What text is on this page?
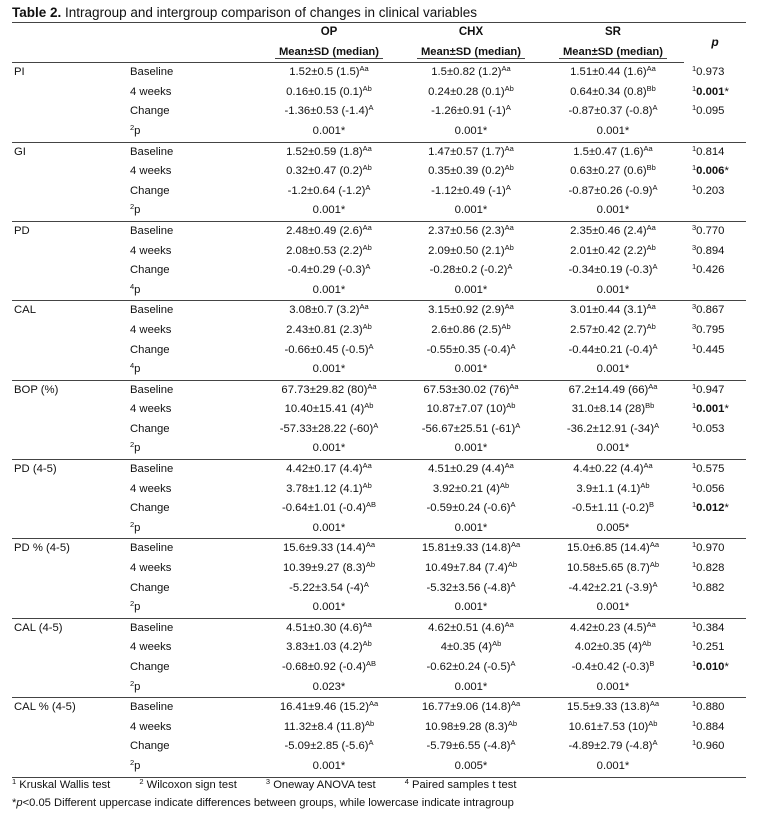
Table 2. Intragroup and intergroup comparison of changes in clinical variables
		OP	CHX	SR	p
		Mean±SD (median)	Mean±SD (median)	Mean±SD (median)	
PI	Baseline	1.52±0.5 $(1.5)^{Aa}$	1.5±0.82 $(1.2)^{Aa}$	1.51±0.44 $(1.6)^{Aa}$	$^1$0.973
	4 weeks	0.16±0.15 $(0.1)^{Ab}$	0.24±0.28 $(0.1)^{Ab}$	0.64±0.34 $(0.8)^{Bb}$	$^1$0.001*
	Change	-1.36±0.53 $(-1.4)^A$	-1.26±0.91 $(-1)^A$	-0.87±0.37 $(-0.8)^A$	$^1$0.095
	$^2$p	0.001*	0.001*	0.001*	
GI	Baseline	1.52±0.59 $(1.8)^{Aa}$	1.47±0.57 $(1.7)^{Aa}$	1.5±0.47 $(1.6)^{Aa}$	$^1$0.814
	4 weeks	0.32±0.47 $(0.2)^{Ab}$	0.35±0.39 $(0.2)^{Ab}$	0.63±0.27 $(0.6)^{Bb}$	$^1$0.006*
	Change	-1.2±0.64 $(-1.2)^A$	-1.12±0.49 $(-1)^A$	-0.87±0.26 $(-0.9)^A$	$^1$0.203
	$^2$p	0.001*	0.001*	0.001*	
PD	Baseline	2.48±0.49 $(2.6)^{Aa}$	2.37±0.56 $(2.3)^{Aa}$	2.35±0.46 $(2.4)^{Aa}$	$^3$0.770
	4 weeks	2.08±0.53 $(2.2)^{Ab}$	2.09±0.50 $(2.1)^{Ab}$	2.01±0.42 $(2.2)^{Ab}$	$^3$0.894
	Change	-0.4±0.29 $(-0.3)^A$	-0.28±0.2 $(-0.2)^A$	-0.34±0.19 $(-0.3)^A$	$^1$0.426
	$^4$p	0.001*	0.001*	0.001*	
CAL	Baseline	3.08±0.7 $(3.2)^{Aa}$	3.15±0.92 $(2.9)^{Aa}$	3.01±0.44 $(3.1)^{Aa}$	$^3$0.867
	4 weeks	2.43±0.81 $(2.3)^{Ab}$	2.6±0.86 $(2.5)^{Ab}$	2.57±0.42 $(2.7)^{Ab}$	$^3$0.795
	Change	-0.66±0.45 $(-0.5)^A$	-0.55±0.35 $(-0.4)^A$	-0.44±0.21 $(-0.4)^A$	$^1$0.445
	$^4$p	0.001*	0.001*	0.001*	
BOP (%)	Baseline	67.73±29.82 $(80)^{Aa}$	67.53±30.02 $(76)^{Aa}$	67.2±14.49 $(66)^{Aa}$	$^1$0.947
	4 weeks	10.40±15.41 $(4)^{Ab}$	10.87±7.07 $(10)^{Ab}$	31.0±8.14 $(28)^{Bb}$	$^1$0.001*
	Change	-57.33±28.22 $(-60)^A$	-56.67±25.51 $(-61)^A$	-36.2±12.91 $(-34)^A$	$^1$0.053
	$^2$p	0.001*	0.001*	0.001*	
PD (4-5)	Baseline	4.42±0.17 $(4.4)^{Aa}$	4.51±0.29 $(4.4)^{Aa}$	4.4±0.22 $(4.4)^{Aa}$	$^1$0.575
	4 weeks	3.78±1.12 $(4.1)^{Ab}$	3.92±0.21 $(4)^{Ab}$	3.9±1.1 $(4.1)^{Ab}$	$^1$0.056
	Change	-0.64±1.01 $(-0.4)^{AB}$	-0.59±0.24 $(-0.6)^A$	-0.5±1.11 $(-0.2)^B$	$^1$0.012*
	$^2$p	0.001*	0.001*	0.005*	
PD % (4-5)	Baseline	15.6±9.33 $(14.4)^{Aa}$	15.81±9.33 $(14.8)^{Aa}$	15.0±6.85 $(14.4)^{Aa}$	$^1$0.970
	4 weeks	10.39±9.27 $(8.3)^{Ab}$	10.49±7.84 $(7.4)^{Ab}$	10.58±5.65 $(8.7)^{Ab}$	$^1$0.828
	Change	-5.22±3.54 $(-4)^A$	-5.32±3.56 $(-4.8)^A$	-4.42±2.21 $(-3.9)^A$	$^1$0.882
	$^2$p	0.001*	0.001*	0.001*	
CAL (4-5)	Baseline	4.51±0.30 $(4.6)^{Aa}$	4.62±0.51 $(4.6)^{Aa}$	4.42±0.23 $(4.5)^{Aa}$	$^1$0.384
	4 weeks	3.83±1.03 $(4.2)^{Ab}$	4±0.35 $(4)^{Ab}$	4.02±0.35 $(4)^{Ab}$	$^1$0.251
	Change	-0.68±0.92 $(-0.4)^{AB}$	-0.62±0.24 $(-0.5)^A$	-0.4±0.42 $(-0.3)^B$	$^1$0.010*
	$^2$p	0.023*	0.001*	0.001*	
CAL % (4-5)	Baseline	16.41±9.46 $(15.2)^{Aa}$	16.77±9.06 $(14.8)^{Aa}$	15.5±9.33 $(13.8)^{Aa}$	$^1$0.880
	4 weeks	11.32±8.4 $(11.8)^{Ab}$	10.98±9.28 $(8.3)^{Ab}$	10.61±7.53 $(10)^{Ab}$	$^1$0.884
	Change	-5.09±2.85 $(-5.6)^A$	-5.79±6.55 $(-4.8)^A$	-4.89±2.79 $(-4.8)^A$	$^1$0.960
	$^2$p	0.001*	0.005*	0.001*	
$^1$ Kruskal Wallis test	$^2$ Wilcoxon sign test	$^3$ Oneway ANOVA test	$^4$ Paired samples t test
*p<0.05 Different uppercase indicate differences between groups, while lowercase indicate intragroup
